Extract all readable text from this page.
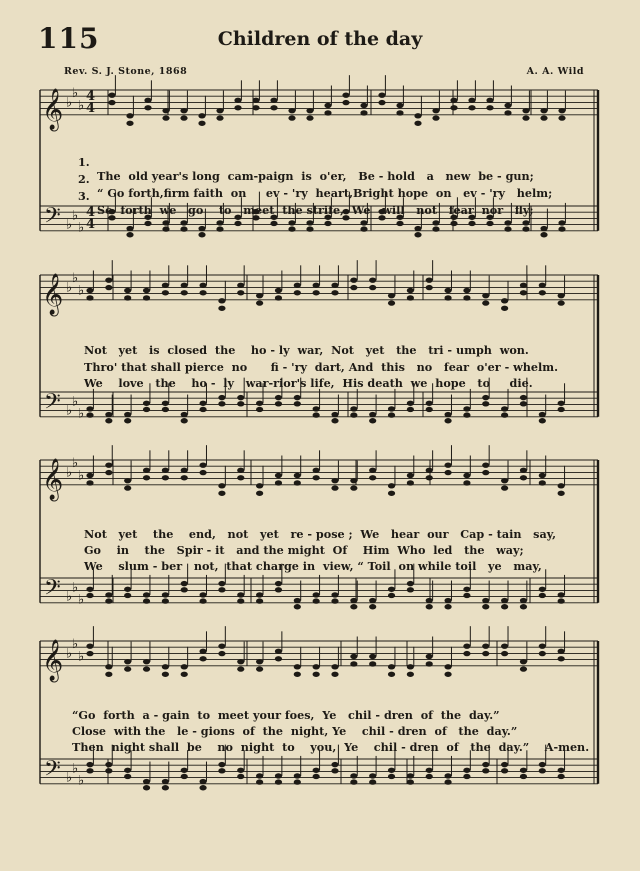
115	Children of the day
Rev. S. J. Stone, 1868	A. A. Wild
𝄞
𝄢
♭
♭
♭
♭
♭
♭
4
4
4
4
𝄞
𝄢
♭
♭
♭
♭
♭
♭
𝄞
𝄢
♭
♭
♭
♭
♭
♭
𝄞
𝄢
♭
♭
♭
♭
♭
♭

1.

The  old year's long  cam-paign  is  o'er,   Be - hold   a   new  be - gun;

2.

“ Go forth,firm faith  on     ev - 'ry  heart,Bright hope  on   ev - 'ry   helm;

3.

So  forth  we   go    to   meet  the strife,  We   will   not   fear  nor   fly;

Not   yet   is  closed  the    ho - ly  war,  Not   yet   the   tri - umph  won.

Thro' that shall pierce  no      fi - 'ry  dart, And  this   no   fear  o'er - whelm.

We    love   the    ho -  ly   war-rior's life,  His death  we  hope   to     die.

Not   yet    the    end,   not   yet   re - pose ;  We   hear  our   Cap - tain   say,

Go    in    the   Spir - it   and the might  Of    Him  Who  led   the   way;

We    slum - ber   not,  that charge in  view, “ Toil  on while toil   ye   may,

“Go  forth  a - gain  to  meet your foes,  Ye   chil - dren  of  the  day.”

Close  with the   le - gions  of  the  night, Ye    chil - dren  of   the  day.”

Then  night shall  be    no  night  to    you,  Ye    chil - dren  of   the  day.”    A-men.
